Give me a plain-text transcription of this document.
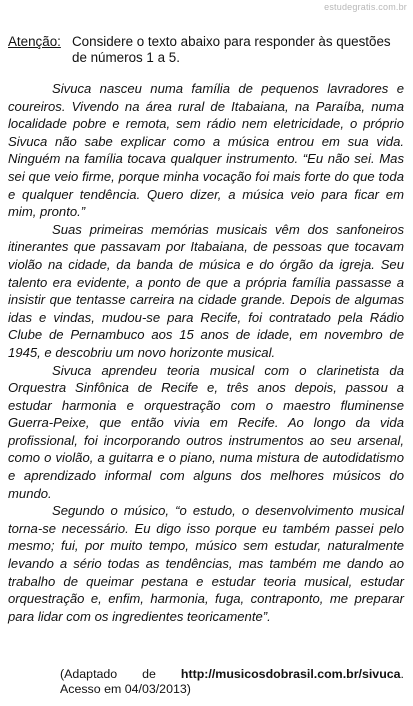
estudegratis.com.br
Atenção: Considere o texto abaixo para responder às questões de números 1 a 5.

Sivuca nasceu numa família de pequenos lavradores e coureiros. Vivendo na área rural de Itabaiana, na Paraíba, numa localidade pobre e remota, sem rádio nem eletricidade, o próprio Sivuca não sabe explicar como a música entrou em sua vida. Ninguém na família tocava qualquer instrumento. “Eu não sei. Mas sei que veio firme, porque minha vocação foi mais forte do que toda e qualquer tendência. Quero dizer, a música veio para ficar em mim, pronto.”

Suas primeiras memórias musicais vêm dos sanfoneiros itinerantes que passavam por Itabaiana, de pessoas que tocavam violão na cidade, da banda de música e do órgão da igreja. Seu talento era evidente, a ponto de que a própria família passasse a insistir que tentasse carreira na cidade grande. Depois de algumas idas e vindas, mudou-se para Recife, foi contratado pela Rádio Clube de Pernambuco aos 15 anos de idade, em novembro de 1945, e descobriu um novo horizonte musical.

Sivuca aprendeu teoria musical com o clarinetista da Orquestra Sinfônica de Recife e, três anos depois, passou a estudar harmonia e orquestração com o maestro fluminense Guerra-Peixe, que então vivia em Recife. Ao longo da vida profissional, foi incorporando outros instrumentos ao seu arsenal, como o violão, a guitarra e o piano, numa mistura de autodidatismo e aprendizado informal com alguns dos melhores músicos do mundo.

Segundo o músico, “o estudo, o desenvolvimento musical torna-se necessário. Eu digo isso porque eu também passei pelo mesmo; fui, por muito tempo, músico sem estudar, naturalmente levando a sério todas as tendências, mas também me dando ao trabalho de queimar pestana e estudar teoria musical, estudar orquestração e, enfim, harmonia, fuga, contraponto, me preparar para lidar com os ingredientes teoricamente”.

(Adaptado de http://musicosdobrasil.com.br/sivuca. Acesso em 04/03/2013)
